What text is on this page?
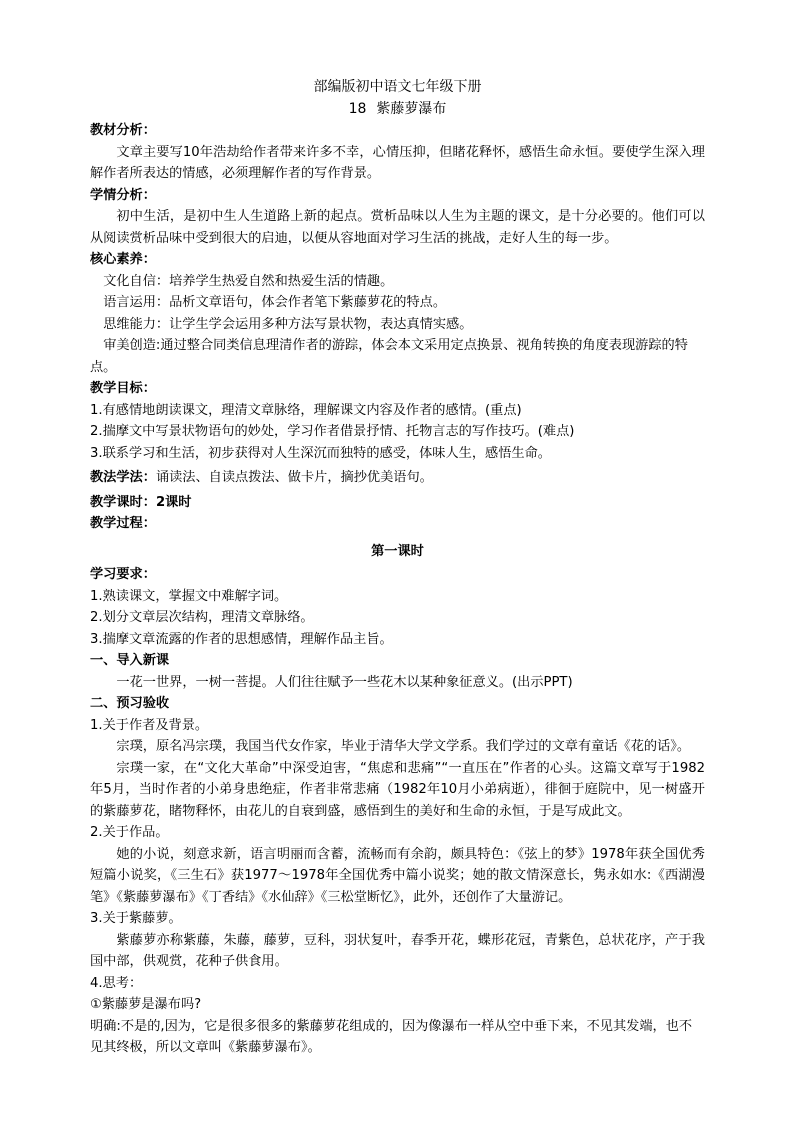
部编版初中语文七年级下册
18 紫藤萝瀑布
教材分析：
文章主要写10年浩劫给作者带来许多不幸，心情压抑，但睹花释怀，感悟生命永恒。要使学生深入理解作者所表达的情感，必须理解作者的写作背景。
学情分析：
初中生活，是初中生人生道路上新的起点。赏析品味以人生为主题的课文，是十分必要的。他们可以从阅读赏析品味中受到很大的启迪，以便从容地面对学习生活的挑战，走好人生的每一步。
核心素养：
文化自信：培养学生热爱自然和热爱生活的情趣。
语言运用：品析文章语句，体会作者笔下紫藤萝花的特点。
思维能力：让学生学会运用多种方法写景状物，表达真情实感。
审美创造:通过整合同类信息理清作者的游踪，体会本文采用定点换景、视角转换的角度表现游踪的特点。
教学目标：
1.有感情地朗读课文，理清文章脉络，理解课文内容及作者的感情。(重点)
2.揣摩文中写景状物语句的妙处，学习作者借景抒情、托物言志的写作技巧。(难点)
3.联系学习和生活，初步获得对人生深沉而独特的感受，体味人生，感悟生命。
教法学法：诵读法、自读点拨法、做卡片，摘抄优美语句。
教学课时：2课时
教学过程：
第一课时
学习要求：
1.熟读课文，掌握文中难解字词。
2.划分文章层次结构，理清文章脉络。
3.揣摩文章流露的作者的思想感情，理解作品主旨。
一、导入新课
一花一世界，一树一菩提。人们往往赋予一些花木以某种象征意义。(出示PPT)
二、预习验收
1.关于作者及背景。
宗璞，原名冯宗璞，我国当代女作家，毕业于清华大学文学系。我们学过的文章有童话《花的话》。
宗璞一家，在“文化大革命”中深受迫害，“焦虑和悲痛”“一直压在”作者的心头。这篇文章写于1982年5月，当时作者的小弟身患绝症，作者非常悲痛（1982年10月小弟病逝），徘徊于庭院中，见一树盛开的紫藤萝花，睹物释怀，由花儿的自衰到盛，感悟到生的美好和生命的永恒，于是写成此文。
2.关于作品。
她的小说，刻意求新，语言明丽而含蓄，流畅而有余韵，颇具特色：《弦上的梦》1978年获全国优秀短篇小说奖，《三生石》获1977～1978年全国优秀中篇小说奖；她的散文情深意长，隽永如水:《西湖漫笔》《紫藤萝瀑布》《丁香结》《水仙辞》《三松堂断忆》，此外，还创作了大量游记。
3.关于紫藤萝。
紫藤萝亦称紫藤，朱藤，藤萝，豆科，羽状复叶，春季开花，蝶形花冠，青紫色，总状花序，产于我国中部，供观赏，花种子供食用。
4.思考：
①紫藤萝是瀑布吗?
明确:不是的,因为，它是很多很多的紫藤萝花组成的，因为像瀑布一样从空中垂下来，不见其发端，也不见其终极，所以文章叫《紫藤萝瀑布》。
